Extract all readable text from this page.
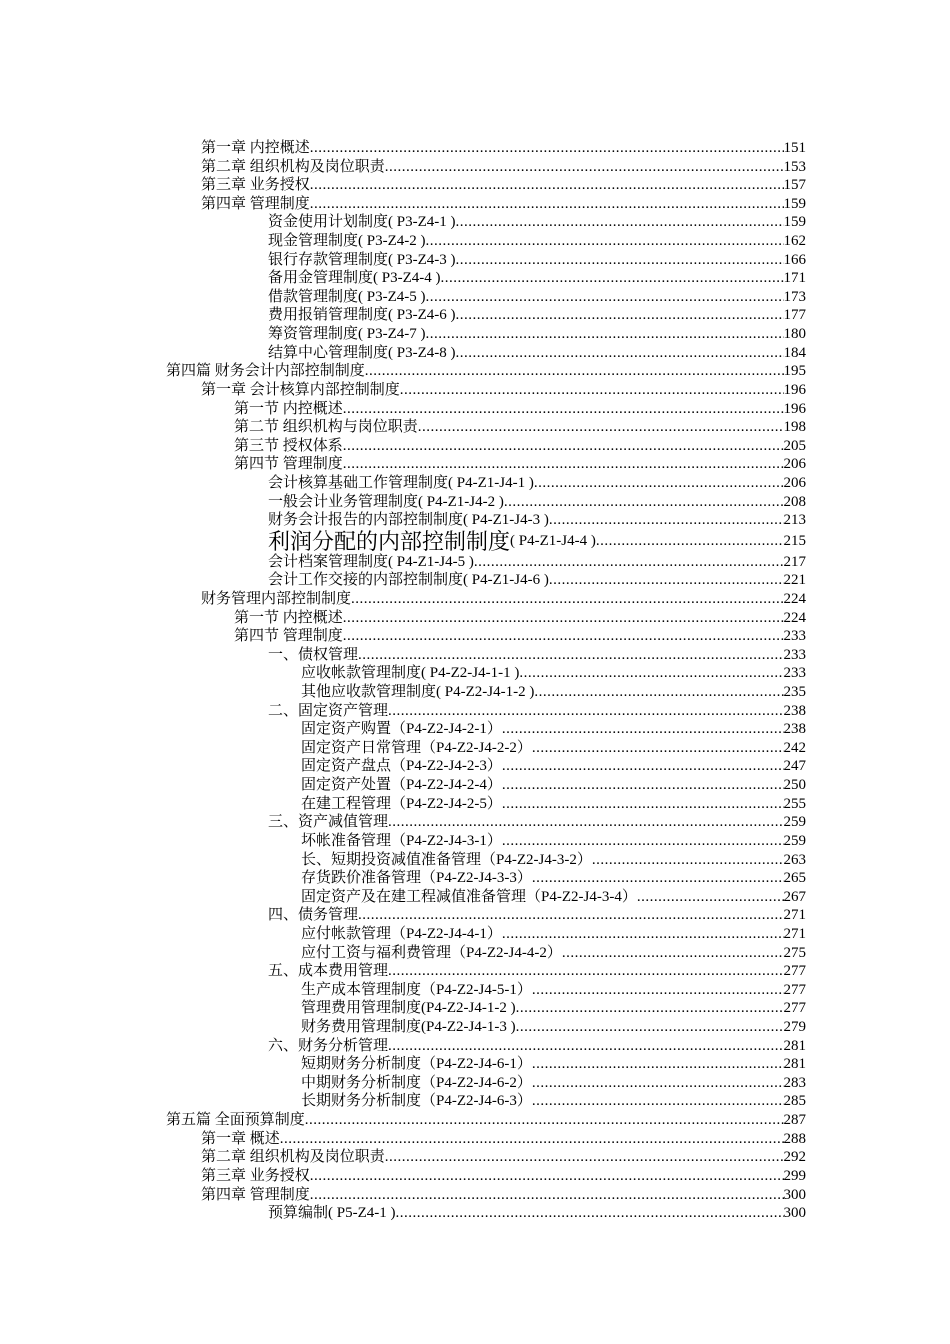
第一章 内控概述 .....	151
第二章 组织机构及岗位职责 .....	153
第三章 业务授权 .....	157
第四章 管理制度 .....	159
资金使用计划制度( P3-Z4-1 ) .....	159
现金管理制度( P3-Z4-2 ) .....	162
银行存款管理制度( P3-Z4-3 ) .....	166
备用金管理制度( P3-Z4-4 ) .....	171
借款管理制度( P3-Z4-5 ) .....	173
费用报销管理制度( P3-Z4-6 ) .....	177
筹资管理制度( P3-Z4-7 ) .....	180
结算中心管理制度( P3-Z4-8 ) .....	184
第四篇 财务会计内部控制制度 .....	195
第一章 会计核算内部控制制度 .....	196
第一节 内控概述 .....	196
第二节 组织机构与岗位职责 .....	198
第三节 授权体系 .....	205
第四节 管理制度 .....	206
会计核算基础工作管理制度( P4-Z1-J4-1 ) .....	206
一般会计业务管理制度( P4-Z1-J4-2 ) .....	208
财务会计报告的内部控制制度( P4-Z1-J4-3 ) .....	213
利润分配的内部控制制度 ( P4-Z1-J4-4 ) .....	215
会计档案管理制度( P4-Z1-J4-5 ) .....	217
会计工作交接的内部控制制度( P4-Z1-J4-6 ) .....	221
财务管理内部控制制度 .....	224
第一节 内控概述 .....	224
第四节 管理制度 .....	233
一、债权管理 .....	233
应收帐款管理制度( P4-Z2-J4-1-1 ) .....	233
其他应收款管理制度( P4-Z2-J4-1-2 ) .....	235
二、固定资产管理 .....	238
固定资产购置（P4-Z2-J4-2-1） .....	238
固定资产日常管理（P4-Z2-J4-2-2） .....	242
固定资产盘点（P4-Z2-J4-2-3） .....	247
固定资产处置（P4-Z2-J4-2-4） .....	250
在建工程管理（P4-Z2-J4-2-5） .....	255
三、资产减值管理 .....	259
坏帐准备管理（P4-Z2-J4-3-1） .....	259
长、短期投资减值准备管理（P4-Z2-J4-3-2） .....	263
存货跌价准备管理（P4-Z2-J4-3-3） .....	265
固定资产及在建工程减值准备管理（P4-Z2-J4-3-4） .....	267
四、债务管理 .....	271
应付帐款管理（P4-Z2-J4-4-1） .....	271
应付工资与福利费管理（P4-Z2-J4-4-2） .....	275
五、成本费用管理 .....	277
生产成本管理制度（P4-Z2-J4-5-1） .....	277
管理费用管理制度(P4-Z2-J4-1-2 ) .....	277
财务费用管理制度(P4-Z2-J4-1-3 ) .....	279
六、财务分析管理 .....	281
短期财务分析制度（P4-Z2-J4-6-1） .....	281
中期财务分析制度（P4-Z2-J4-6-2） .....	283
长期财务分析制度（P4-Z2-J4-6-3） .....	285
第五篇 全面预算制度 .....	287
第一章 概述 .....	288
第二章 组织机构及岗位职责 .....	292
第三章 业务授权 .....	299
第四章 管理制度 .....	300
预算编制( P5-Z4-1 ) .....	300
